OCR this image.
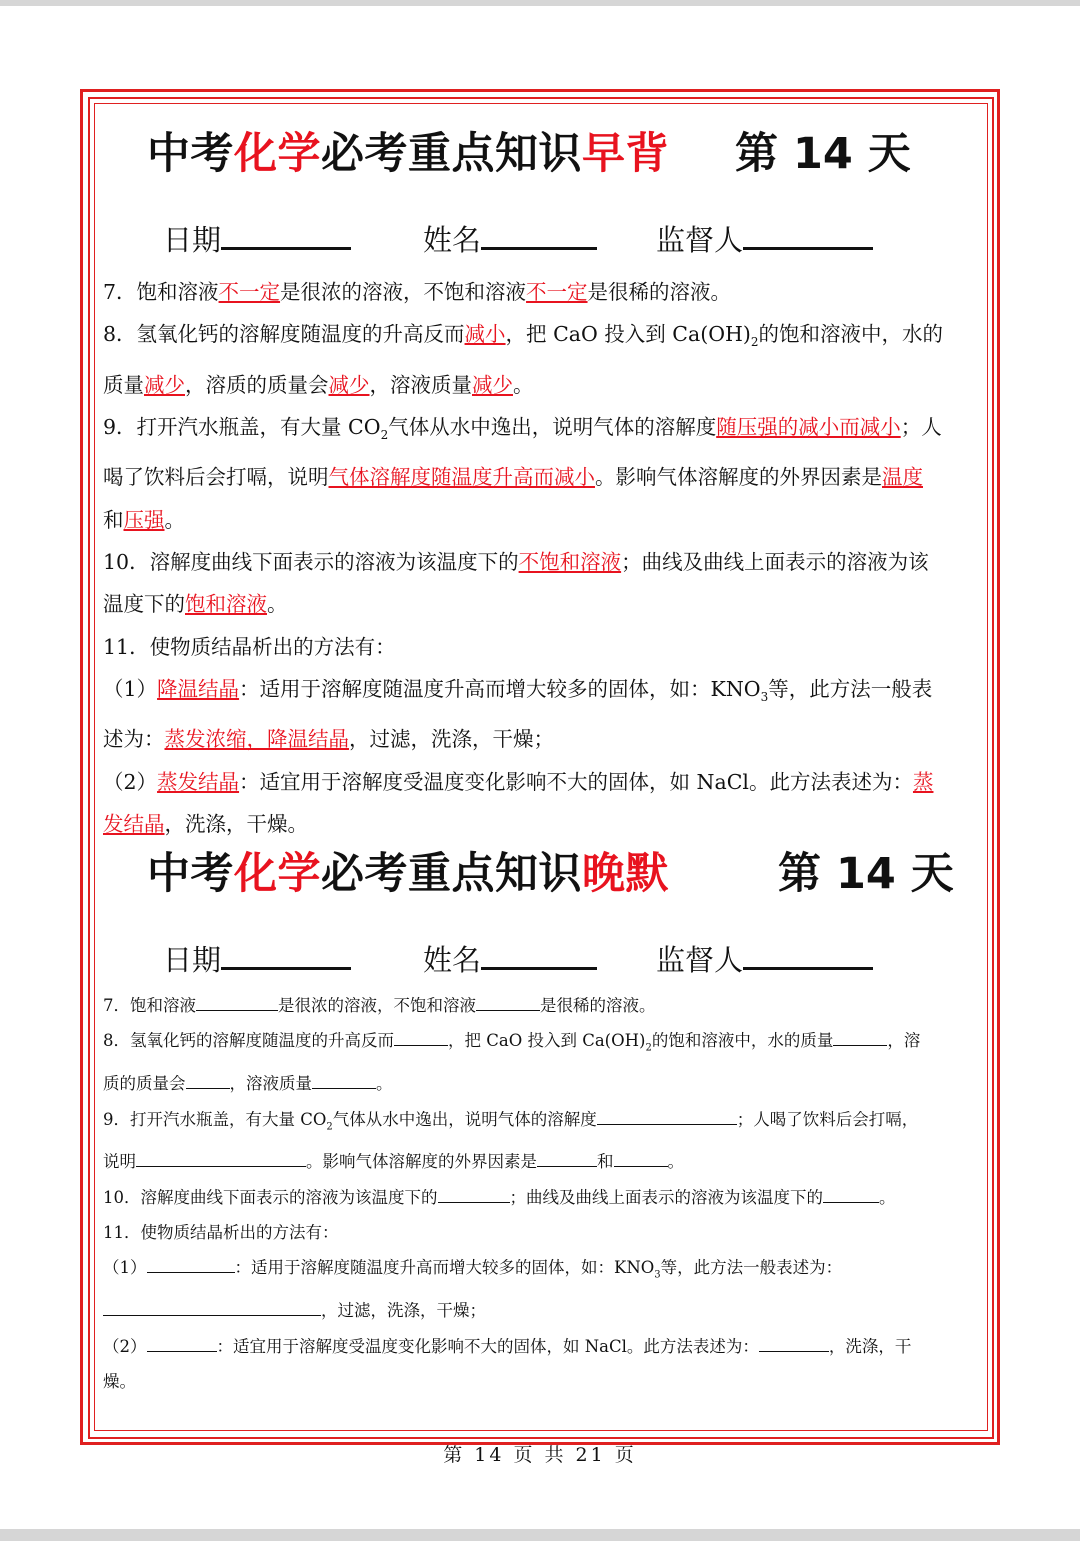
中考化学必考重点知识早背 第 14 天
日期	姓名	监督人

7．饱和溶液不一定是很浓的溶液，不饱和溶液不一定是很稀的溶液。

8．氢氧化钙的溶解度随温度的升高反而减小，把 CaO 投入到 $Ca(OH)_2$的饱和溶液中，水的

质量减少，溶质的质量会减少，溶液质量减少。

9．打开汽水瓶盖，有大量 $CO_2$气体从水中逸出，说明气体的溶解度随压强的减小而减小；人

喝了饮料后会打嗝，说明气体溶解度随温度升高而减小。影响气体溶解度的外界因素是温度

和压强。

10．溶解度曲线下面表示的溶液为该温度下的不饱和溶液；曲线及曲线上面表示的溶液为该

温度下的饱和溶液。

11．使物质结晶析出的方法有：

（1）降温结晶：适用于溶解度随温度升高而增大较多的固体，如：$KNO_3$等，此方法一般表

述为：蒸发浓缩，降温结晶，过滤，洗涤，干燥；

（2）蒸发结晶：适宜用于溶解度受温度变化影响不大的固体，如 NaCl。此方法表述为：蒸

发结晶，洗涤，干燥。

中考化学必考重点知识晚默	第 14 天
日期	姓名	监督人

7．饱和溶液	是很浓的溶液，不饱和溶液	是很稀的溶液。

8．氢氧化钙的溶解度随温度的升高反而	，把 CaO 投入到 $Ca(OH)_2$的饱和溶液中，水的质量	，溶

质的质量会	，溶液质量	。

9．打开汽水瓶盖，有大量 $CO_2$气体从水中逸出，说明气体的溶解度	；人喝了饮料后会打嗝，

说明	。影响气体溶解度的外界因素是	和	。

10．溶解度曲线下面表示的溶液为该温度下的	；曲线及曲线上面表示的溶液为该温度下的	。

11．使物质结晶析出的方法有：

（1）	：适用于溶解度随温度升高而增大较多的固体，如：$KNO_3$等，此方法一般表述为：

，过滤，洗涤，干燥；

（2）	：适宜用于溶解度受温度变化影响不大的固体，如 NaCl。此方法表述为：	，洗涤，干

燥。

第 14 页 共 21 页
